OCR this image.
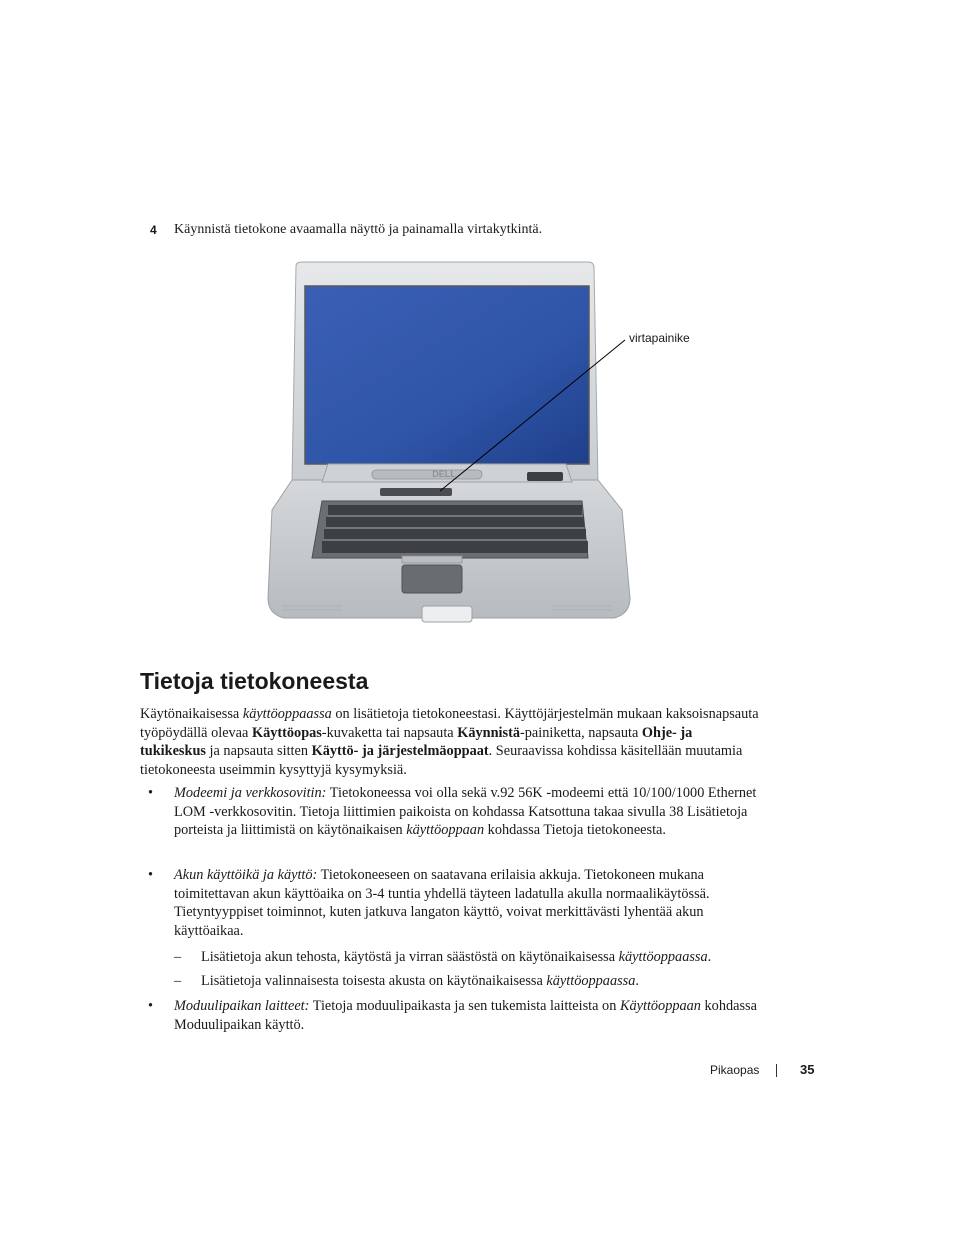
4 Käynnistä tietokone avaamalla näyttö ja painamalla virtakytkintä.
DELL
virtapainike
Tietoja tietokoneesta
Käytönaikaisessa käyttöoppaassa on lisätietoja tietokoneestasi. Käyttöjärjestelmän mukaan kaksoisnapsauta työpöydällä olevaa Käyttöopas-kuvaketta tai napsauta Käynnistä-painiketta, napsauta Ohje- ja tukikeskus ja napsauta sitten Käyttö- ja järjestelmäoppaat. Seuraavissa kohdissa käsitellään muutamia tietokoneesta useimmin kysyttyjä kysymyksiä.
• Modeemi ja verkkosovitin: Tietokoneessa voi olla sekä v.92 56K -modeemi että 10/100/1000 Ethernet LOM -verkkosovitin. Tietoja liittimien paikoista on kohdassa Katsottuna takaa sivulla 38 Lisätietoja porteista ja liittimistä on käytönaikaisen käyttöoppaan kohdassa Tietoja tietokoneesta.
• Akun käyttöikä ja käyttö: Tietokoneeseen on saatavana erilaisia akkuja. Tietokoneen mukana toimitettavan akun käyttöaika on 3-4 tuntia yhdellä täyteen ladatulla akulla normaalikäytössä. Tietyntyyppiset toiminnot, kuten jatkuva langaton käyttö, voivat merkittävästi lyhentää akun käyttöaikaa.
– Lisätietoja akun tehosta, käytöstä ja virran säästöstä on käytönaikaisessa käyttöoppaassa.
– Lisätietoja valinnaisesta toisesta akusta on käytönaikaisessa käyttöoppaassa.
• Moduulipaikan laitteet: Tietoja moduulipaikasta ja sen tukemista laitteista on Käyttöoppaan kohdassa Moduulipaikan käyttö.
Pikaopas	35
